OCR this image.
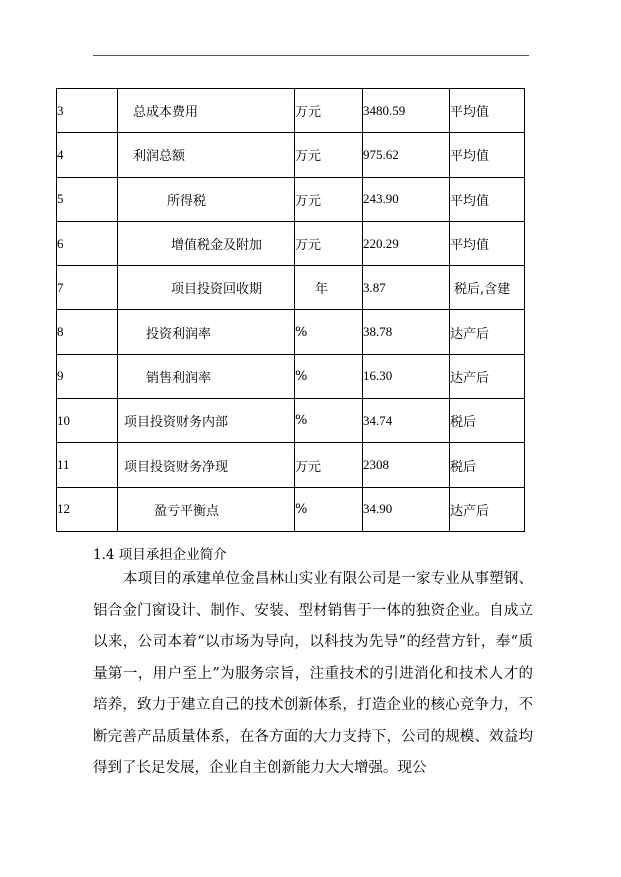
3	总成本费用	万元	3480.59	平均值
4	利润总额	万元	975.62	平均值
5	所得税	万元	243.90	平均值
6	增值税金及附加	万元	220.29	平均值
7	项目投资回收期	年	3.87	税后,含建
8	投资利润率	%	38.78	达产后
9	销售利润率	%	16.30	达产后
10	项目投资财务内部	%	34.74	税后
11	项目投资财务净现	万元	2308	税后
12	盈亏平衡点	%	34.90	达产后
1.4 项目承担企业简介

本项目的承建单位金昌林山实业有限公司是一家专业从事塑钢、铝合金门窗设计、制作、安装、型材销售于一体的独资企业。自成立以来，公司本着“以市场为导向，以科技为先导”的经营方针，奉“质量第一，用户至上”为服务宗旨，注重技术的引进消化和技术人才的培养，致力于建立自己的技术创新体系，打造企业的核心竞争力，不断完善产品质量体系，在各方面的大力支持下，公司的规模、效益均得到了长足发展，企业自主创新能力大大增强。现公
